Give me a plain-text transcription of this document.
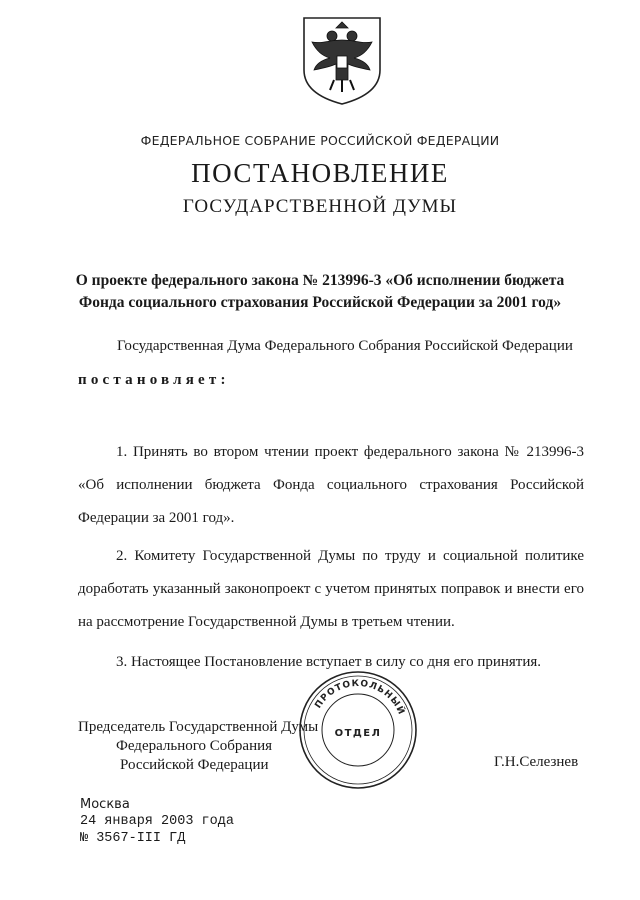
ФЕДЕРАЛЬНОЕ СОБРАНИЕ РОССИЙСКОЙ ФЕДЕРАЦИИ
ПОСТАНОВЛЕНИЕ
ГОСУДАРСТВЕННОЙ ДУМЫ
О проекте федерального закона № 213996-3 «Об исполнении бюджета
Фонда социального страхования Российской Федерации за 2001 год»
Государственная Дума Федерального Собрания Российской Федерации
постановляет:
1. Принять во втором чтении проект федерального закона № 213996-3 «Об исполнении бюджета Фонда социального страхования Российской Федерации за 2001 год».
2. Комитету Государственной Думы по труду и социальной политике доработать указанный законопроект с учетом принятых поправок и внести его на рассмотрение Государственной Думы в третьем чтении.
3. Настоящее Постановление вступает в силу со дня его принятия.
Председатель Государственной Думы
Федерального Собрания
Российской Федерации	Г.Н.Селезнев
ПРОТОКОЛЬНЫЙ
ОТДЕЛ
Москва
24 января 2003 года
№ 3567-III ГД
